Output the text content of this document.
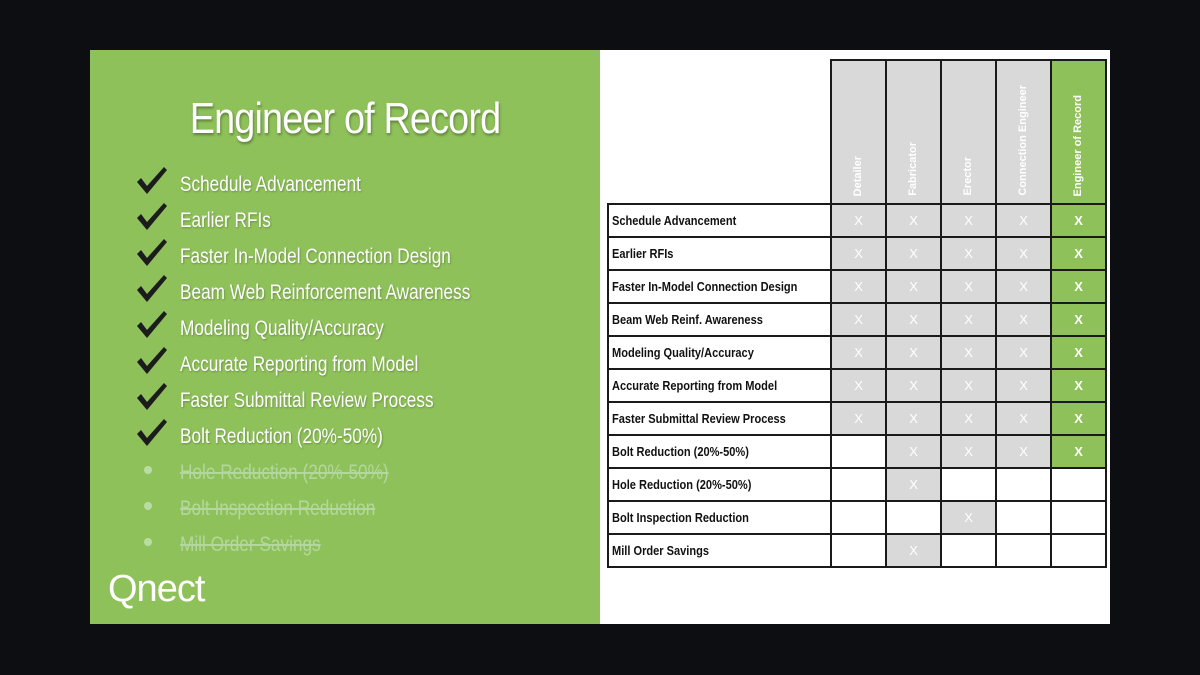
Engineer of Record
Schedule Advancement
Earlier RFIs
Faster In-Model Connection Design
Beam Web Reinforcement Awareness
Modeling Quality/Accuracy
Accurate Reporting from Model
Faster Submittal Review Process
Bolt Reduction (20%-50%)
Hole Reduction (20%-50%)
Bolt Inspection Reduction
Mill Order Savings
Qnect

	Detailer	Fabricator	Erector	Connection Engineer	Engineer of Record

Schedule Advancement	X	X	X	X	X
Earlier RFIs	X	X	X	X	X
Faster In-Model Connection Design	X	X	X	X	X
Beam Web Reinf. Awareness	X	X	X	X	X
Modeling Quality/Accuracy	X	X	X	X	X
Accurate Reporting from Model	X	X	X	X	X
Faster Submittal Review Process	X	X	X	X	X
Bolt Reduction (20%-50%)		X	X	X	X
Hole Reduction (20%-50%)		X			
Bolt Inspection Reduction			X		
Mill Order Savings		X			
